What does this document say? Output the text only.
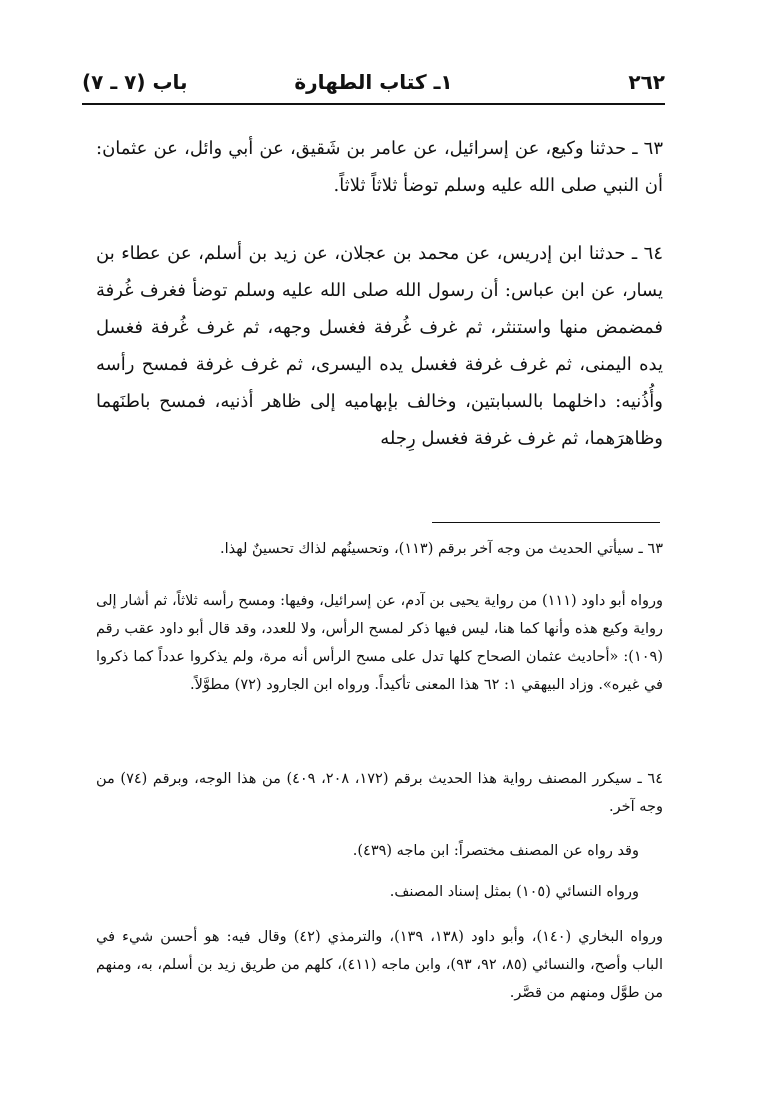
٢٦٢
١ـ كتاب الطهارة
باب (٧ ـ ٧)

٦٣ ـ حدثنا وكيع، عن إسرائيل، عن عامر بن شَقيق، عن أبي وائل، عن عثمان: أن النبي صلى الله عليه وسلم توضأ ثلاثاً ثلاثاً.

٦٤ ـ حدثنا ابن إدريس، عن محمد بن عجلان، عن زيد بن أسلم، عن عطاء بن يسار، عن ابن عباس: أن رسول الله صلى الله عليه وسلم توضأ فغرف غُرفة فمضمض منها واستنثر، ثم غرف غُرفة فغسل وجهه، ثم غرف غُرفة فغسل يده اليمنى، ثم غرف غرفة فغسل يده اليسرى، ثم غرف غرفة فمسح رأسه وأُذُنيه: داخلهما بالسبابتين، وخالف بإبهاميه إلى ظاهر أذنيه، فمسح باطنَهما وظاهرَهما، ثم غرف غرفة فغسل رِجله

٦٣ ـ سيأتي الحديث من وجه آخر برقم (١١٣)، وتحسينُهم لذاك تحسينٌ لهذا.

ورواه أبو داود (١١١) من رواية يحيى بن آدم، عن إسرائيل، وفيها: ومسح رأسه ثلاثاً، ثم أشار إلى رواية وكيع هذه وأنها كما هنا، ليس فيها ذكر لمسح الرأس، ولا للعدد، وقد قال أبو داود عقب رقم (١٠٩): «أحاديث عثمان الصحاح كلها تدل على مسح الرأس أنه مرة، ولم يذكروا عدداً كما ذكروا في غيره». وزاد البيهقي ١: ٦٢ هذا المعنى تأكيداً. ورواه ابن الجارود (٧٢) مطوَّلاً.

٦٤ ـ سيكرر المصنف رواية هذا الحديث برقم (١٧٢، ٢٠٨، ٤٠٩) من هذا الوجه، وبرقم (٧٤) من وجه آخر.

وقد رواه عن المصنف مختصراً: ابن ماجه (٤٣٩).

ورواه النسائي (١٠٥) بمثل إسناد المصنف.

ورواه البخاري (١٤٠)، وأبو داود (١٣٨، ١٣٩)، والترمذي (٤٢) وقال فيه: هو أحسن شيء في الباب وأصح، والنسائي (٨٥، ٩٢، ٩٣)، وابن ماجه (٤١١)، كلهم من طريق زيد بن أسلم، به، ومنهم من طوَّل ومنهم من قصَّر.
